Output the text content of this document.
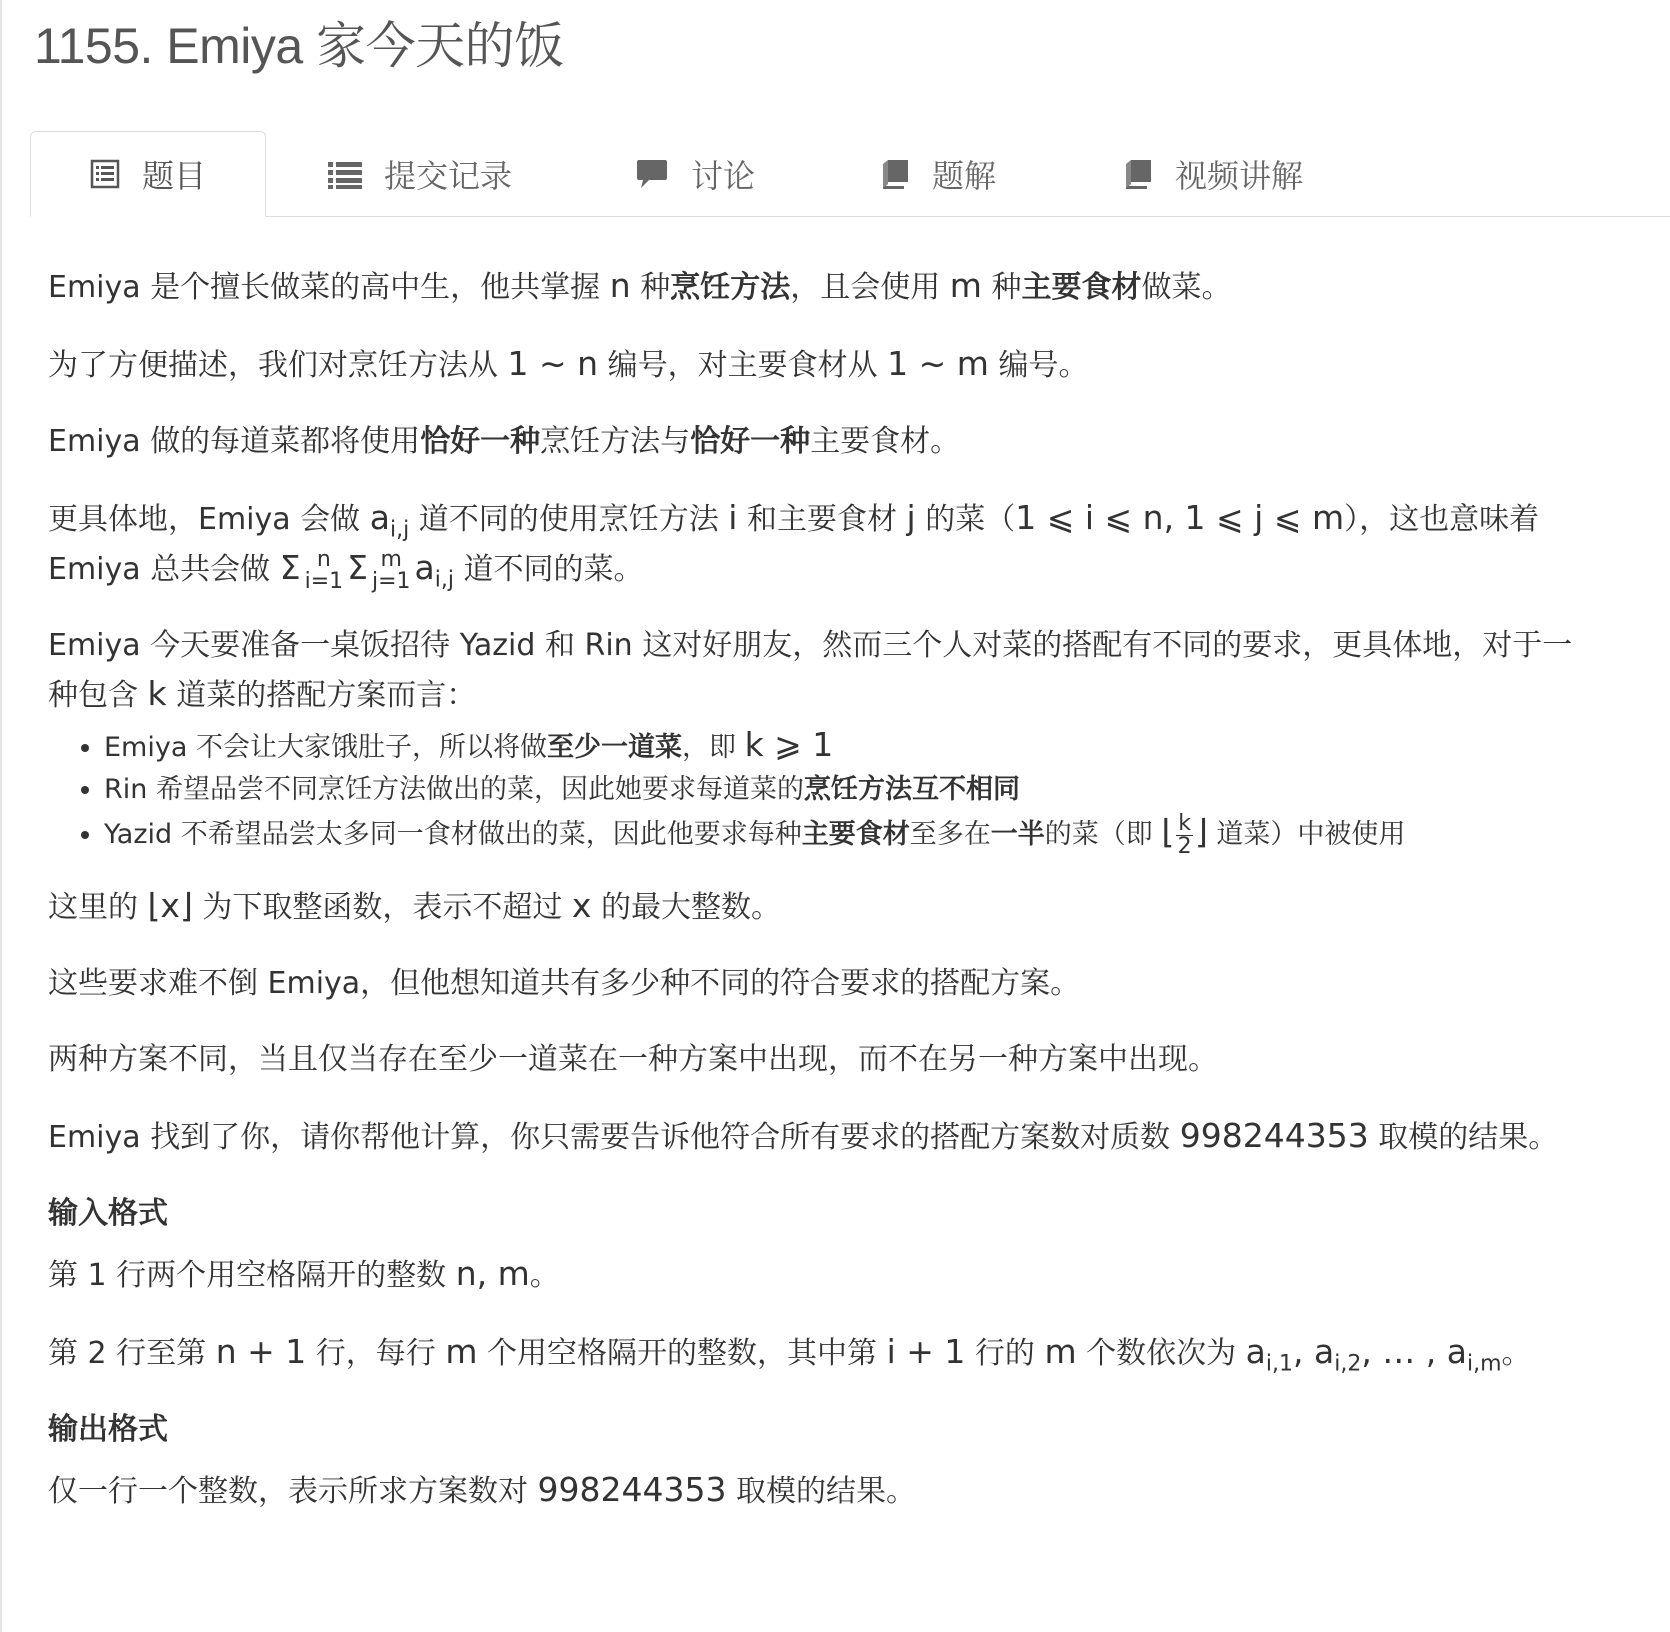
1155. Emiya 家今天的饭
题目	提交记录	讨论	题解	视频讲解

Emiya 是个擅长做菜的高中生，他共掌握 n 种烹饪方法，且会使用 m 种主要食材做菜。

为了方便描述，我们对烹饪方法从 1 ∼ n 编号，对主要食材从 1 ∼ m 编号。

Emiya 做的每道菜都将使用恰好一种烹饪方法与恰好一种主要食材。

更具体地，Emiya 会做 $a_{i,j}$ 道不同的使用烹饪方法 i 和主要食材 j 的菜（1 ⩽ i ⩽ n, 1 ⩽ j ⩽ m），这也意味着
Emiya 总共会做 Σ n
i=1 Σ m
j=1 $a_{i,j}$ 道不同的菜。

Emiya 今天要准备一桌饭招待 Yazid 和 Rin 这对好朋友，然而三个人对菜的搭配有不同的要求，更具体地，对于一
种包含 k 道菜的搭配方案而言：

• Emiya 不会让大家饿肚子，所以将做至少一道菜，即 k ⩾ 1
• Rin 希望品尝不同烹饪方法做出的菜，因此她要求每道菜的烹饪方法互不相同
• Yazid 不希望品尝太多同一食材做出的菜，因此他要求每种主要食材至多在一半的菜（即 ⌊ $\frac{k}{2}$ ⌋ 道菜）中被使用

这里的 ⌊x⌋ 为下取整函数，表示不超过 x 的最大整数。

这些要求难不倒 Emiya，但他想知道共有多少种不同的符合要求的搭配方案。

两种方案不同，当且仅当存在至少一道菜在一种方案中出现，而不在另一种方案中出现。

Emiya 找到了你，请你帮他计算，你只需要告诉他符合所有要求的搭配方案数对质数 998244353 取模的结果。

输入格式

第 1 行两个用空格隔开的整数 n, m。

第 2 行至第 n + 1 行，每行 m 个用空格隔开的整数，其中第 i + 1 行的 m 个数依次为 $a_{i,1}$, $a_{i,2}$, … , $a_{i,m}$。

输出格式

仅一行一个整数，表示所求方案数对 998244353 取模的结果。
